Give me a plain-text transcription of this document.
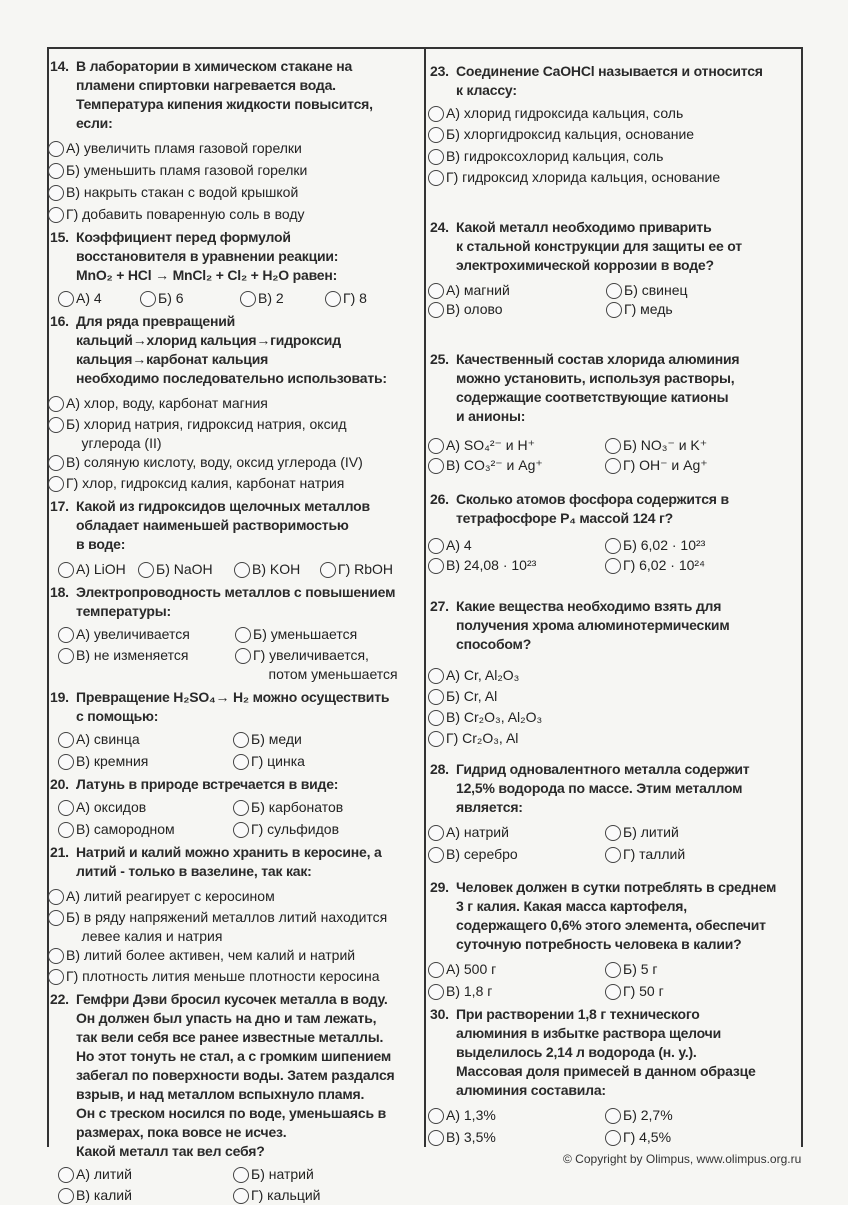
14. В лаборатории в химическом стакане на
пламени спиртовки нагревается вода.
Температура кипения жидкости повысится,
если:
А) увеличить пламя газовой горелки
Б) уменьшить пламя газовой горелки
В) накрыть стакан с водой крышкой
Г) добавить поваренную соль в воду
15. Коэффициент перед формулой
восстановителя в уравнении реакции:
MnO₂ + HCl → MnCl₂ + Cl₂ + H₂O равен:
А) 4	Б) 6	В) 2	Г) 8
16. Для ряда превращений
кальций→хлорид кальция→гидроксид
кальция→карбонат кальция
необходимо последовательно использовать:
А) хлор, воду, карбонат магния
Б) хлорид натрия, гидроксид натрия, оксид
углерода (II)
В) соляную кислоту, воду, оксид углерода (IV)
Г) хлор, гидроксид калия, карбонат натрия
17. Какой из гидроксидов щелочных металлов
обладает наименьшей растворимостью
в воде:
А) LiOH Б) NaOH	В) KOH	Г) RbOH
18. Электропроводность металлов с повышением
температуры:
А) увеличивается	Б) уменьшается
В) не изменяется	Г) увеличивается,
потом уменьшается
19. Превращение H₂SO₄→ H₂ можно осуществить
с помощью:
А) свинца	Б) меди
В) кремния	Г) цинка
20. Латунь в природе встречается в виде:
А) оксидов	Б) карбонатов
В) самородном	Г) сульфидов
21. Натрий и калий можно хранить в керосине, а
литий - только в вазелине, так как:
А) литий реагирует с керосином
Б) в ряду напряжений металлов литий находится
левее калия и натрия
В) литий более активен, чем калий и натрий
Г) плотность лития меньше плотности керосина
22. Гемфри Дэви бросил кусочек металла в воду.
Он должен был упасть на дно и там лежать,
так вели себя все ранее известные металлы.
Но этот тонуть не стал, а с громким шипением
забегал по поверхности воды. Затем раздался
взрыв, и над металлом вспыхнуло пламя.
Он с треском носился по воде, уменьшаясь в
размерах, пока вовсе не исчез.
Какой металл так вел себя?
А) литий	Б) натрий
В) калий	Г) кальций
23. Соединение CaOHCl называется и относится
к классу:
А) хлорид гидроксида кальция, соль
Б) хлоргидроксид кальция, основание
В) гидроксохлорид кальция, соль
Г) гидроксид хлорида кальция, основание
24. Какой металл необходимо приварить
к стальной конструкции для защиты ее от
электрохимической коррозии в воде?
А) магний	Б) свинец
В) олово	Г) медь
25. Качественный состав хлорида алюминия
можно установить, используя растворы,
содержащие соответствующие катионы
и анионы:
А) SO₄²⁻ и H⁺	Б) NO₃⁻ и K⁺
В) CO₃²⁻ и Ag⁺	Г) OH⁻ и Ag⁺
26. Сколько атомов фосфора содержится в
тетрафосфоре P₄ массой 124 г?
А) 4	Б) 6,02 · 10²³
В) 24,08 · 10²³	Г) 6,02 · 10²⁴
27. Какие вещества необходимо взять для
получения хрома алюминотермическим
способом?
А) Cr, Al₂O₃
Б) Cr, Al
В) Cr₂O₃, Al₂O₃
Г) Cr₂O₃, Al
28. Гидрид одновалентного металла содержит
12,5% водорода по массе. Этим металлом
является:
А) натрий	Б) литий
В) серебро	Г) таллий
29. Человек должен в сутки потреблять в среднем
3 г калия. Какая масса картофеля,
содержащего 0,6% этого элемента, обеспечит
суточную потребность человека в калии?
А) 500 г	Б) 5 г
В) 1,8 г	Г) 50 г
30. При растворении 1,8 г технического
алюминия в избытке раствора щелочи
выделилось 2,14 л водорода (н. у.).
Массовая доля примесей в данном образце
алюминия составила:
А) 1,3%	Б) 2,7%
В) 3,5%	Г) 4,5%
© Copyright by Olimpus, www.olimpus.org.ru
